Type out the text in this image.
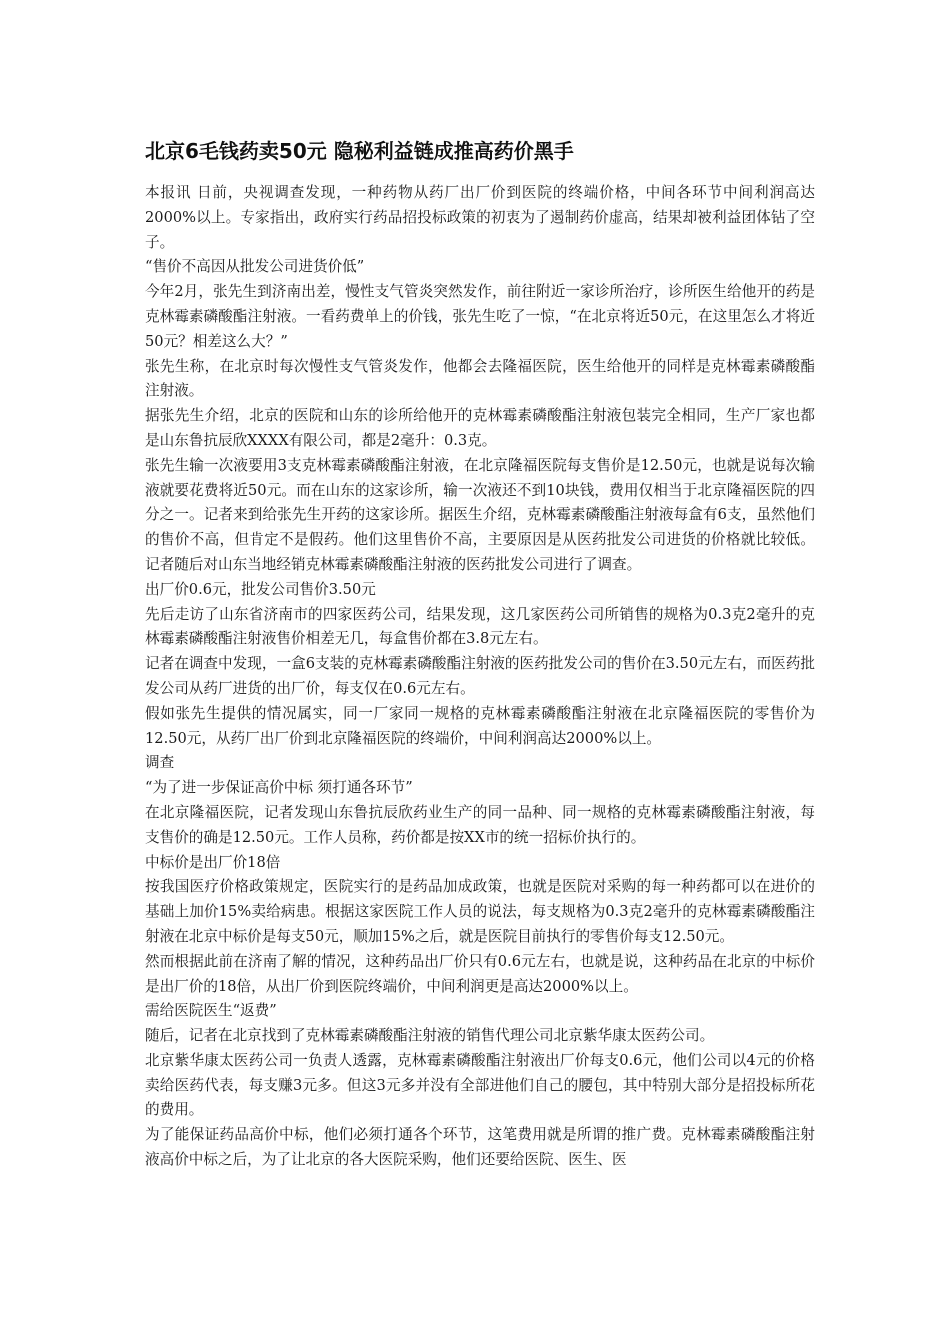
北京6毛钱药卖50元 隐秘利益链成推高药价黑手

本报讯 日前，央视调查发现，一种药物从药厂出厂价到医院的终端价格，中间各环节中间利润高达2000%以上。专家指出，政府实行药品招投标政策的初衷为了遏制药价虚高，结果却被利益团体钻了空子。

“售价不高因从批发公司进货价低”

今年2月，张先生到济南出差，慢性支气管炎突然发作，前往附近一家诊所治疗，诊所医生给他开的药是克林霉素磷酸酯注射液。一看药费单上的价钱，张先生吃了一惊，“在北京将近50元，在这里怎么才将近50元？相差这么大？”

张先生称，在北京时每次慢性支气管炎发作，他都会去隆福医院，医生给他开的同样是克林霉素磷酸酯注射液。

据张先生介绍，北京的医院和山东的诊所给他开的克林霉素磷酸酯注射液包装完全相同，生产厂家也都是山东鲁抗辰欣XXXX有限公司，都是2毫升：0.3克。

张先生输一次液要用3支克林霉素磷酸酯注射液，在北京隆福医院每支售价是12.50元，也就是说每次输液就要花费将近50元。而在山东的这家诊所，输一次液还不到10块钱，费用仅相当于北京隆福医院的四分之一。记者来到给张先生开药的这家诊所。据医生介绍，克林霉素磷酸酯注射液每盒有6支，虽然他们的售价不高，但肯定不是假药。他们这里售价不高，主要原因是从医药批发公司进货的价格就比较低。记者随后对山东当地经销克林霉素磷酸酯注射液的医药批发公司进行了调查。

出厂价0.6元，批发公司售价3.50元

先后走访了山东省济南市的四家医药公司，结果发现，这几家医药公司所销售的规格为0.3克2毫升的克林霉素磷酸酯注射液售价相差无几，每盒售价都在3.8元左右。

记者在调查中发现，一盒6支装的克林霉素磷酸酯注射液的医药批发公司的售价在3.50元左右，而医药批发公司从药厂进货的出厂价，每支仅在0.6元左右。

假如张先生提供的情况属实，同一厂家同一规格的克林霉素磷酸酯注射液在北京隆福医院的零售价为12.50元，从药厂出厂价到北京隆福医院的终端价，中间利润高达2000%以上。

调查

“为了进一步保证高价中标 须打通各环节”

在北京隆福医院，记者发现山东鲁抗辰欣药业生产的同一品种、同一规格的克林霉素磷酸酯注射液，每支售价的确是12.50元。工作人员称，药价都是按XX市的统一招标价执行的。

中标价是出厂价18倍

按我国医疗价格政策规定，医院实行的是药品加成政策，也就是医院对采购的每一种药都可以在进价的基础上加价15%卖给病患。根据这家医院工作人员的说法，每支规格为0.3克2毫升的克林霉素磷酸酯注射液在北京中标价是每支50元，顺加15%之后，就是医院目前执行的零售价每支12.50元。

然而根据此前在济南了解的情况，这种药品出厂价只有0.6元左右，也就是说，这种药品在北京的中标价是出厂价的18倍，从出厂价到医院终端价，中间利润更是高达2000%以上。

需给医院医生“返费”

随后，记者在北京找到了克林霉素磷酸酯注射液的销售代理公司北京紫华康太医药公司。

北京紫华康太医药公司一负责人透露，克林霉素磷酸酯注射液出厂价每支0.6元，他们公司以4元的价格卖给医药代表，每支赚3元多。但这3元多并没有全部进他们自己的腰包，其中特别大部分是招投标所花的费用。

为了能保证药品高价中标，他们必须打通各个环节，这笔费用就是所谓的推广费。克林霉素磷酸酯注射液高价中标之后，为了让北京的各大医院采购，他们还要给医院、医生、医
